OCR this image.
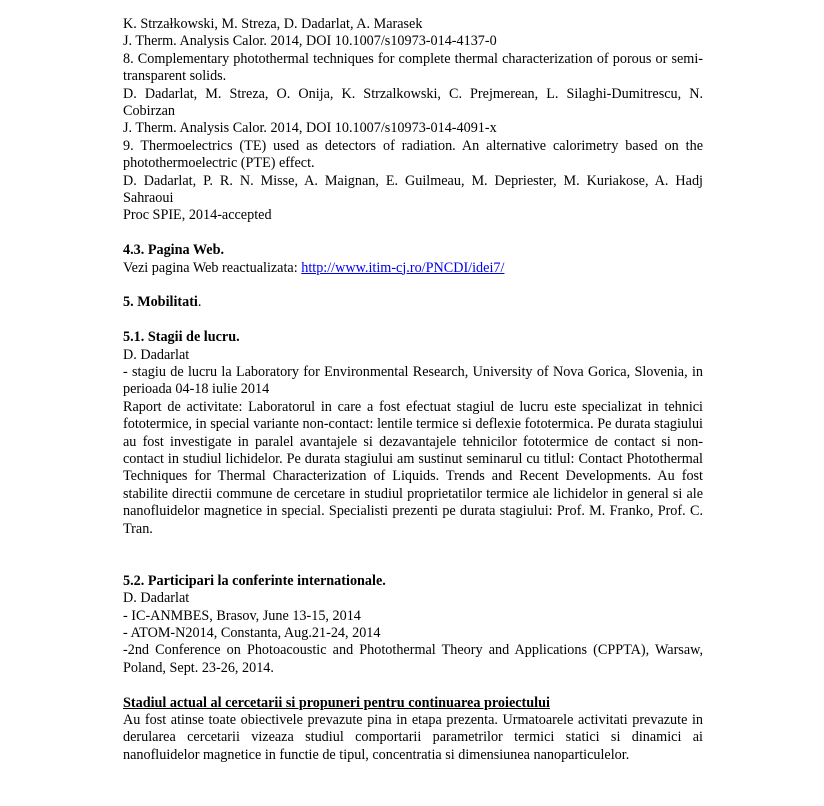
K. Strzałkowski, M. Streza, D. Dadarlat, A. Marasek
J. Therm. Analysis Calor. 2014, DOI 10.1007/s10973-014-4137-0
8. Complementary photothermal techniques for complete thermal characterization of porous or semi-transparent solids.
D. Dadarlat, M. Streza, O. Onija, K. Strzalkowski, C. Prejmerean, L. Silaghi-Dumitrescu, N. Cobirzan
J. Therm. Analysis Calor. 2014, DOI 10.1007/s10973-014-4091-x
9. Thermoelectrics (TE) used as detectors of radiation. An alternative calorimetry based on the photothermoelectric (PTE) effect.
D. Dadarlat, P. R. N. Misse, A. Maignan, E. Guilmeau, M. Depriester, M. Kuriakose, A. Hadj Sahraoui
Proc SPIE, 2014-accepted
4.3. Pagina Web.
Vezi pagina Web reactualizata: http://www.itim-cj.ro/PNCDI/idei7/
5. Mobilitati.
5.1. Stagii de lucru.
D. Dadarlat
- stagiu de lucru la Laboratory for Environmental Research, University of Nova Gorica, Slovenia, in perioada 04-18 iulie 2014
Raport de activitate: Laboratorul in care a fost efectuat stagiul de lucru este specializat in tehnici fototermice, in special variante non-contact: lentile termice si deflexie fototermica. Pe durata stagiului au fost investigate in paralel avantajele si dezavantajele tehnicilor fototermice de contact si non-contact in studiul lichidelor. Pe durata stagiului am sustinut seminarul cu titlul: Contact Photothermal Techniques for Thermal Characterization of Liquids. Trends and Recent Developments. Au fost stabilite directii commune de cercetare in studiul proprietatilor termice ale lichidelor in general si ale nanofluidelor magnetice in special. Specialisti prezenti pe durata stagiului: Prof. M. Franko, Prof. C. Tran.
5.2. Participari la conferinte internationale.
D. Dadarlat
- IC-ANMBES, Brasov, June 13-15, 2014
- ATOM-N2014, Constanta, Aug.21-24, 2014
-2nd Conference on Photoacoustic and Photothermal Theory and Applications (CPPTA), Warsaw, Poland, Sept. 23-26, 2014.
Stadiul actual al cercetarii si propuneri pentru continuarea proiectului
Au fost atinse toate obiectivele prevazute pina in etapa prezenta. Urmatoarele activitati prevazute in derularea cercetarii vizeaza studiul comportarii parametrilor termici statici si dinamici ai nanofluidelor magnetice in functie de tipul, concentratia si dimensiunea nanoparticulelor.
